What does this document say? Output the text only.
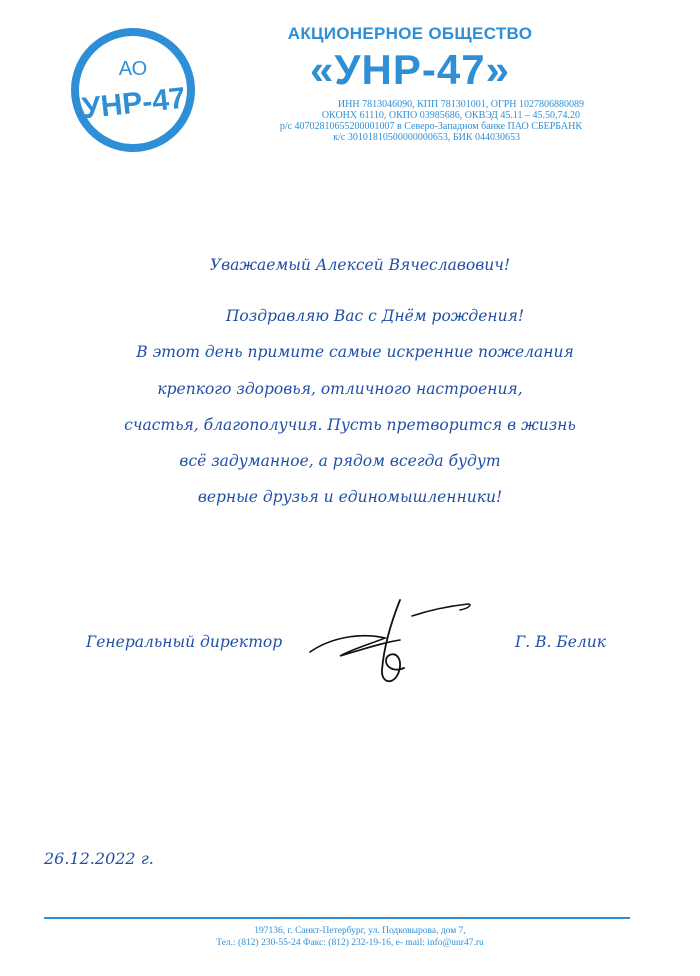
АО
УНР-47
АКЦИОНЕРНОЕ ОБЩЕСТВО
«УНР-47»
ИНН 7813046090, КПП 781301001, ОГРН 1027806880089
ОКОНХ 61110, ОКПО 03985686, ОКВЭД 45.11 – 45.50,74.20
р/с 40702810655200001007 в Северо-Западном банке ПАО СБЕРБАНК
к/с 30101810500000000653, БИК 044030653
Уважаемый Алексей Вячеславович!
Поздравляю Вас с Днём рождения!
В этот день примите самые искренние пожелания
крепкого здоровья, отличного настроения,
счастья, благополучия. Пусть претворится в жизнь
всё задуманное, а рядом всегда будут
верные друзья и единомышленники!
Генеральный директор	Г. В. Белик
26.12.2022 г.
197136, г. Санкт-Петербург, ул. Подковырова, дом 7,
Тел.: (812) 230-55-24 Факс: (812) 232-19-16, e- mail: info@unr47.ru
